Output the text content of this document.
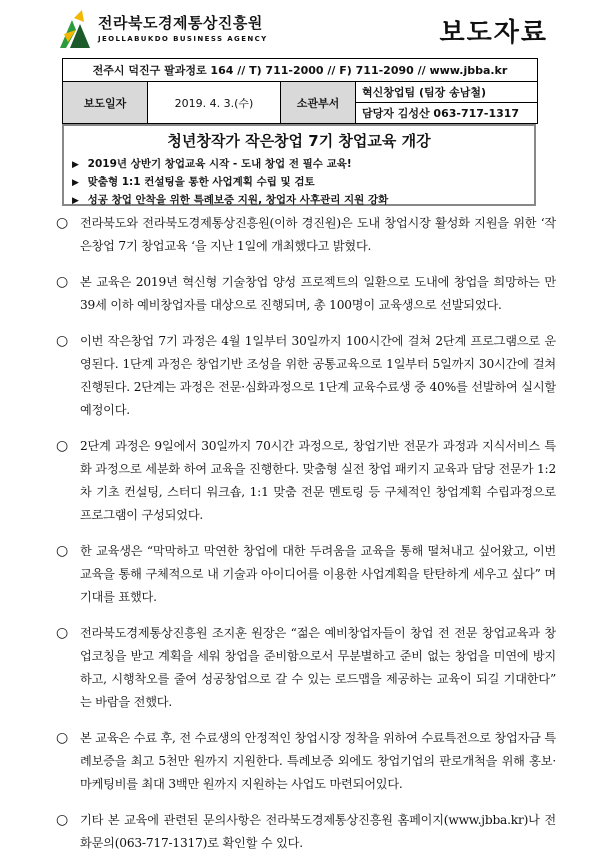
전라북도경제통상진흥원
JEOLLABUKDO BUSINESS AGENCY	보도자료
전주시 덕진구 팔과정로 164 // T) 711-2000 // F) 711-2090 // www.jbba.kr
보도일자	2019. 4. 3.(수)	소관부서	혁신창업팀 (팀장 송남철)
담당자 김성산 063-717-1317
청년창작가 작은창업 7기 창업교육 개강
▶ 2019년 상반기 창업교육 시작 - 도내 창업 전 필수 교육!
▶ 맞춤형 1:1 컨설팅을 통한 사업계획 수립 및 검토
▶ 성공 창업 안착을 위한 특례보증 지원, 창업자 사후관리 지원 강화
○ 전라북도와 전라북도경제통상진흥원(이하 경진원)은 도내 창업시장 활성화 지원을 위한 ‘작은창업 7기 창업교육 ‘을 지난 1일에 개최했다고 밝혔다.
○ 본 교육은 2019년 혁신형 기술창업 양성 프로젝트의 일환으로 도내에 창업을 희망하는 만 39세 이하 예비창업자를 대상으로 진행되며, 총 100명이 교육생으로 선발되었다.
○ 이번 작은창업 7기 과정은 4월 1일부터 30일까지 100시간에 걸쳐 2단계 프로그램으로 운영된다. 1단계 과정은 창업기반 조성을 위한 공통교육으로 1일부터 5일까지 30시간에 걸쳐 진행된다. 2단계는 과정은 전문·심화과정으로 1단계 교육수료생 중 40%를 선발하여 실시할 예정이다.
○ 2단계 과정은 9일에서 30일까지 70시간 과정으로, 창업기반 전문가 과정과 지식서비스 특화 과정으로 세분화 하여 교육을 진행한다. 맞춤형 실전 창업 패키지 교육과 담당 전문가 1:2차 기초 컨설팅, 스터디 워크숍, 1:1 맞춤 전문 멘토링 등 구체적인 창업계획 수립과정으로 프로그램이 구성되었다.
○ 한 교육생은 “막막하고 막연한 창업에 대한 두려움을 교육을 통해 떨쳐내고 싶어왔고, 이번 교육을 통해 구체적으로 내 기술과 아이디어를 이용한 사업계획을 탄탄하게 세우고 싶다” 며 기대를 표했다.
○ 전라북도경제통상진흥원 조지훈 원장은 “젊은 예비창업자들이 창업 전 전문 창업교육과 창업코칭을 받고 계획을 세워 창업을 준비함으로서 무분별하고 준비 없는 창업을 미연에 방지하고, 시행착오를 줄여 성공창업으로 갈 수 있는 로드맵을 제공하는 교육이 되길 기대한다” 는 바람을 전했다.
○ 본 교육은 수료 후, 전 수료생의 안정적인 창업시장 정착을 위하여 수료특전으로 창업자금 특례보증을 최고 5천만 원까지 지원한다. 특례보증 외에도 창업기업의 판로개척을 위해 홍보·마케팅비를 최대 3백만 원까지 지원하는 사업도 마련되어있다.
○ 기타 본 교육에 관련된 문의사항은 전라북도경제통상진흥원 홈페이지(www.jbba.kr)나 전화문의(063-717-1317)로 확인할 수 있다.
